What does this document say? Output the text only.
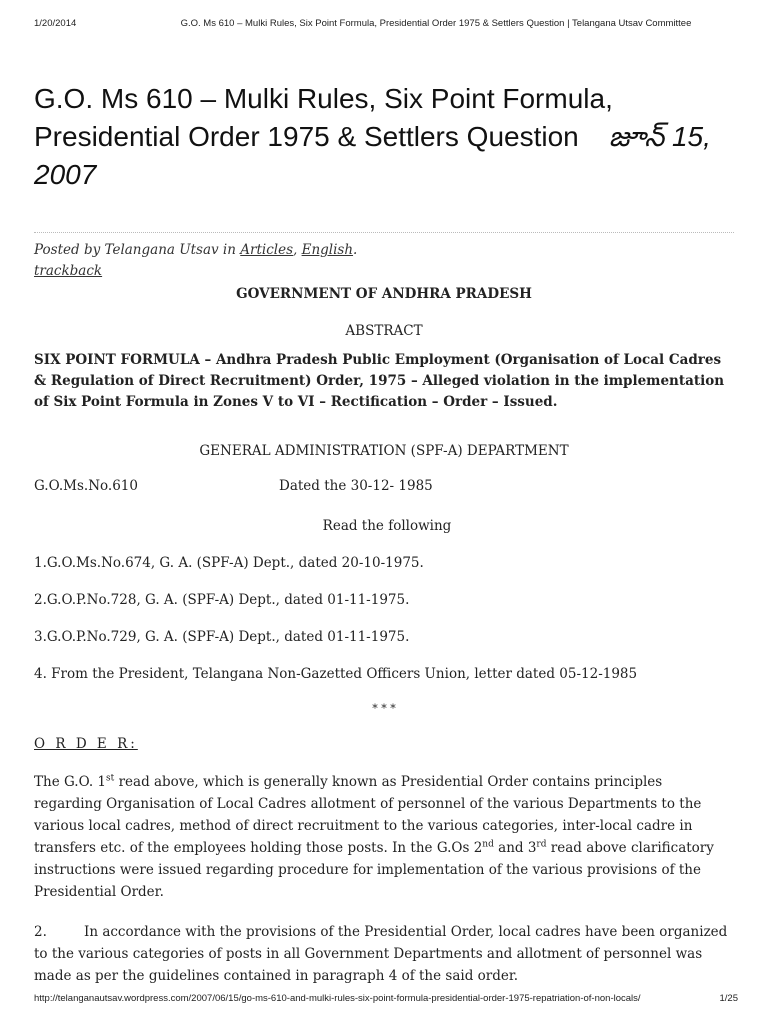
1/20/2014	G.O. Ms 610 – Mulki Rules, Six Point Formula, Presidential Order 1975 & Settlers Question | Telangana Utsav Committee
G.O. Ms 610 – Mulki Rules, Six Point Formula, Presidential Order 1975 & Settlers Question జూన్ 15, 2007
Posted by Telangana Utsav in Articles, English.
trackback

GOVERNMENT OF ANDHRA PRADESH

ABSTRACT

SIX POINT FORMULA – Andhra Pradesh Public Employment (Organisation of Local Cadres & Regulation of Direct Recruitment) Order, 1975 – Alleged violation in the implementation of Six Point Formula in Zones V to VI – Rectification – Order – Issued.

GENERAL ADMINISTRATION (SPF-A) DEPARTMENT

G.O.Ms.No.610	Dated the 30-12- 1985

Read the following

1.G.O.Ms.No.674, G. A. (SPF-A) Dept., dated 20-10-1975.

2.G.O.P.No.728, G. A. (SPF-A) Dept., dated 01-11-1975.

3.G.O.P.No.729, G. A. (SPF-A) Dept., dated 01-11-1975.

4. From the President, Telangana Non-Gazetted Officers Union, letter dated 05-12-1985

* * *

O R D E R:

The G.O. 1st read above, which is generally known as Presidential Order contains principles regarding Organisation of Local Cadres allotment of personnel of the various Departments to the various local cadres, method of direct recruitment to the various categories, inter-local cadre in transfers etc. of the employees holding those posts. In the G.Os 2nd and 3rd read above clarificatory instructions were issued regarding procedure for implementation of the various provisions of the Presidential Order.

2.	In accordance with the provisions of the Presidential Order, local cadres have been organized to the various categories of posts in all Government Departments and allotment of personnel was made as per the guidelines contained in paragraph 4 of the said order.

http://telanganautsav.wordpress.com/2007/06/15/go-ms-610-and-mulki-rules-six-point-formula-presidential-order-1975-repatriation-of-non-locals/	1/25
